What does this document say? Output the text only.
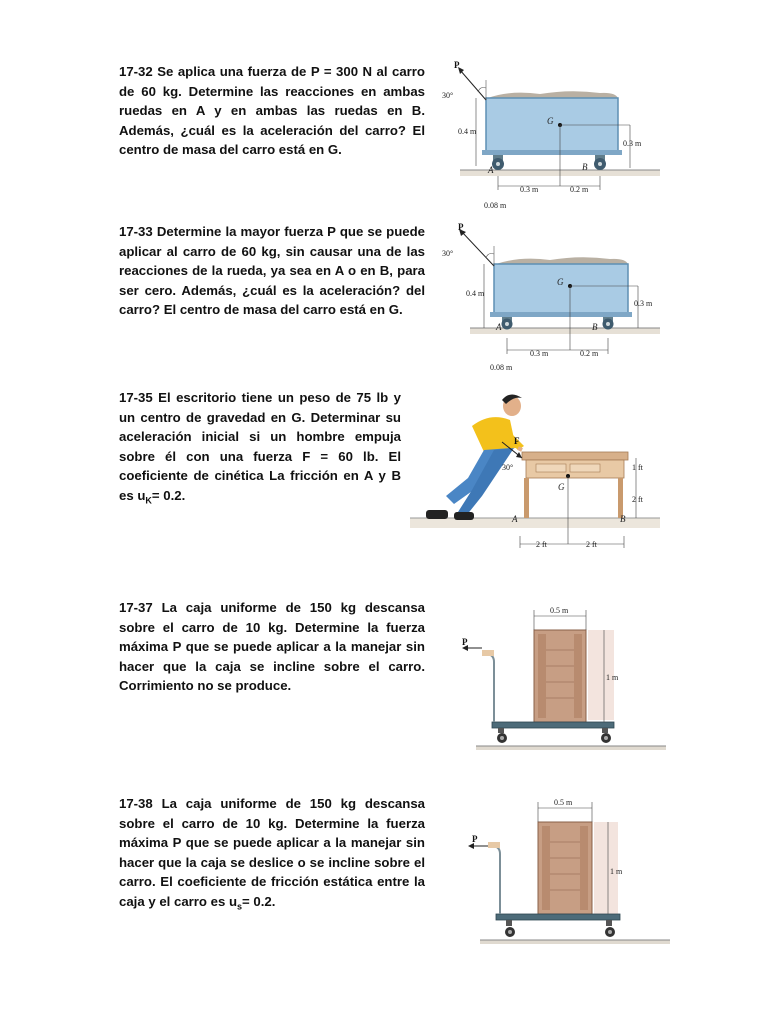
17-32 Se aplica una fuerza de P = 300 N al carro de 60 kg. Determine las reacciones en ambas ruedas en A y en ambas las ruedas en B. Además, ¿cuál es la aceleración del carro? El centro de masa del carro está en G.
P
30°
G
0.4 m
0.3 m
A	B
0.3 m	0.2 m
0.08 m
17-33 Determine la mayor fuerza P que se puede aplicar al carro de 60 kg, sin causar una de las reacciones de la rueda, ya sea en A o en B, para ser cero. Además, ¿cuál es la aceleración? del carro? El centro de masa del carro está en G.
P
30°
G
0.4 m
0.3 m
A	B
0.3 m	0.2 m
0.08 m
17-35 El escritorio tiene un peso de 75 lb y un centro de gravedad en G. Determinar su aceleración inicial si un hombre empuja sobre él con una fuerza F = 60 lb. El coeficiente de cinética La fricción en A y B es $u_K= 0.2$.
F
30°
G
1 ft
2 ft
A	B
2 ft	2 ft
17-37 La caja uniforme de 150 kg descansa sobre el carro de 10 kg. Determine la fuerza máxima P que se puede aplicar a la manejar sin hacer que la caja se incline sobre el carro. Corrimiento no se produce.
P
0.5 m
1 m
17-38 La caja uniforme de 150 kg descansa sobre el carro de 10 kg. Determine la fuerza máxima P que se puede aplicar a la manejar sin hacer que la caja se deslice o se incline sobre el carro. El coeficiente de fricción estática entre la caja y el carro es $u_s= 0.2$.
P
0.5 m
1 m
